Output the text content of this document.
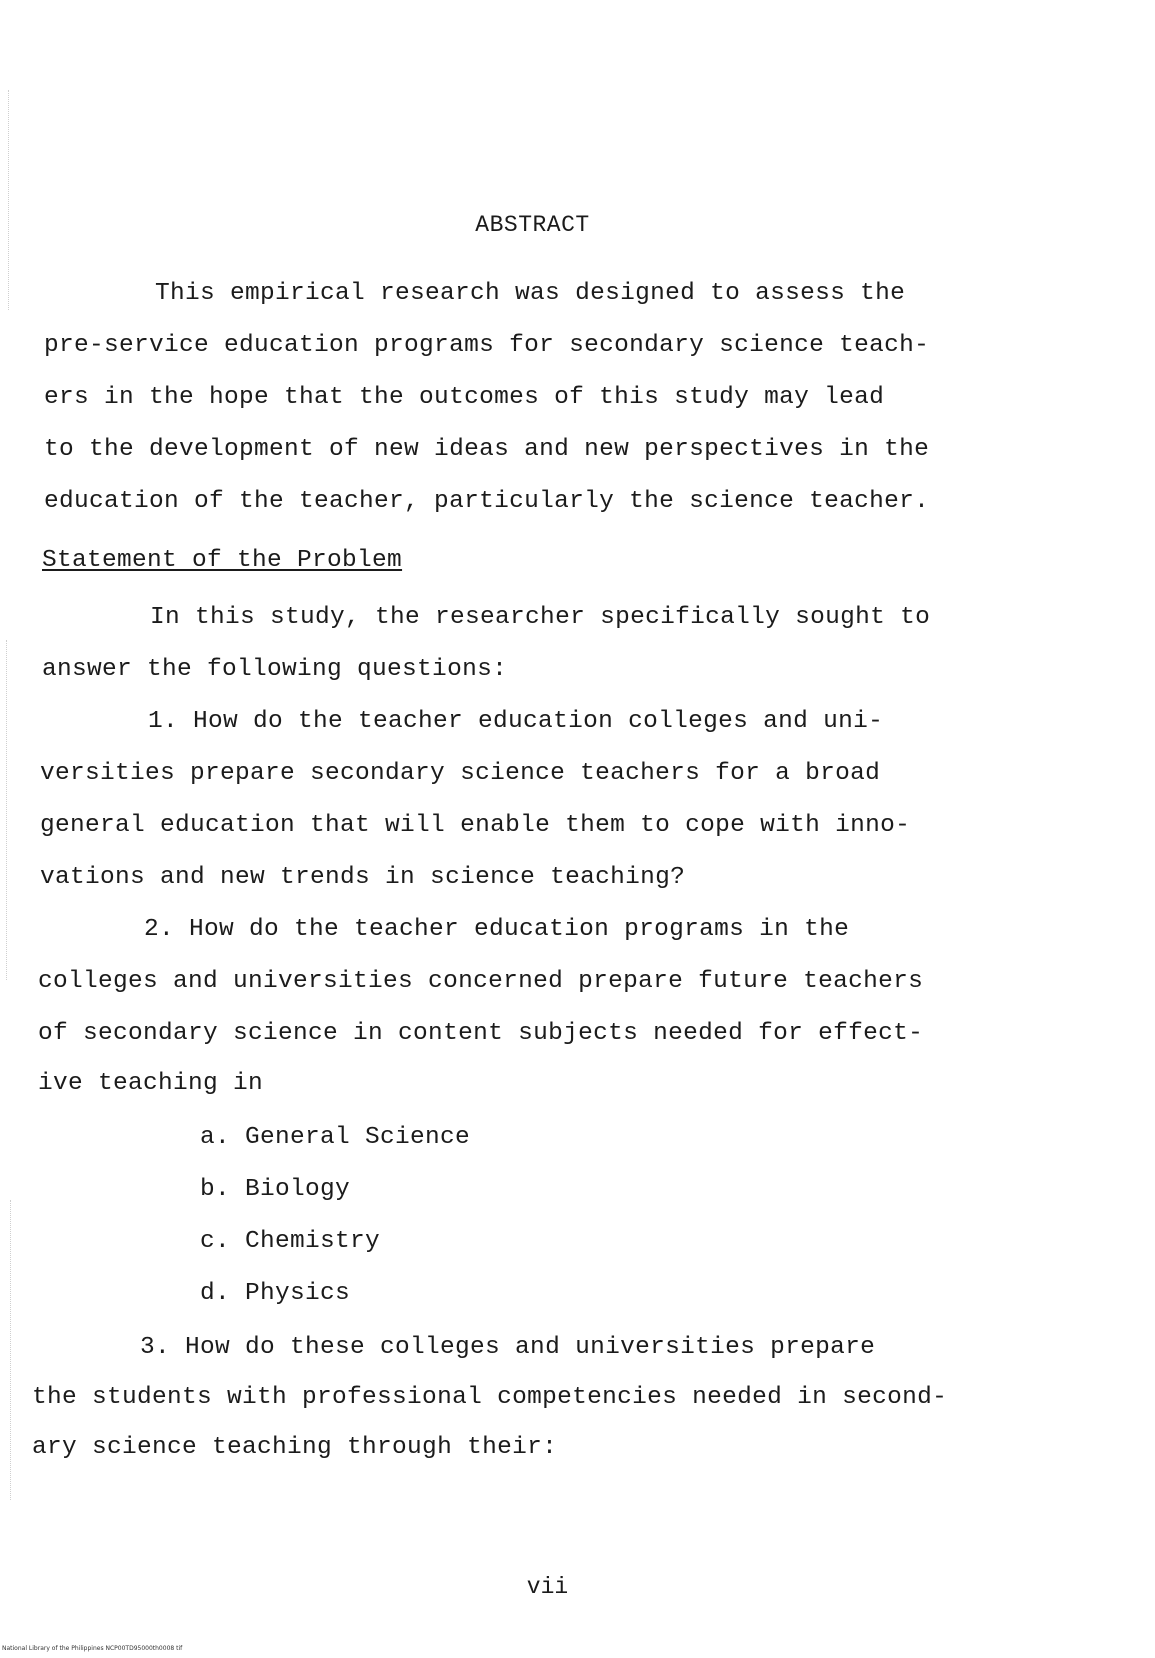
ABSTRACT
This empirical research was designed to assess the
pre-service education programs for secondary science teach-
ers in the hope that the outcomes of this study may lead
to the development of new ideas and new perspectives in the
education of the teacher, particularly the science teacher.
Statement of the Problem
In this study, the researcher specifically sought to
answer the following questions:
1. How do the teacher education colleges and uni-
versities prepare secondary science teachers for a broad
general education that will enable them to cope with inno-
vations and new trends in science teaching?
2. How do the teacher education programs in the
colleges and universities concerned prepare future teachers
of secondary science in content subjects needed for effect-
ive teaching in
a. General Science
b. Biology
c. Chemistry
d. Physics
3. How do these colleges and universities prepare
the students with professional competencies needed in second-
ary science teaching through their:
vii
National Library of the Philippines NCP00TD95000th0008 tif
